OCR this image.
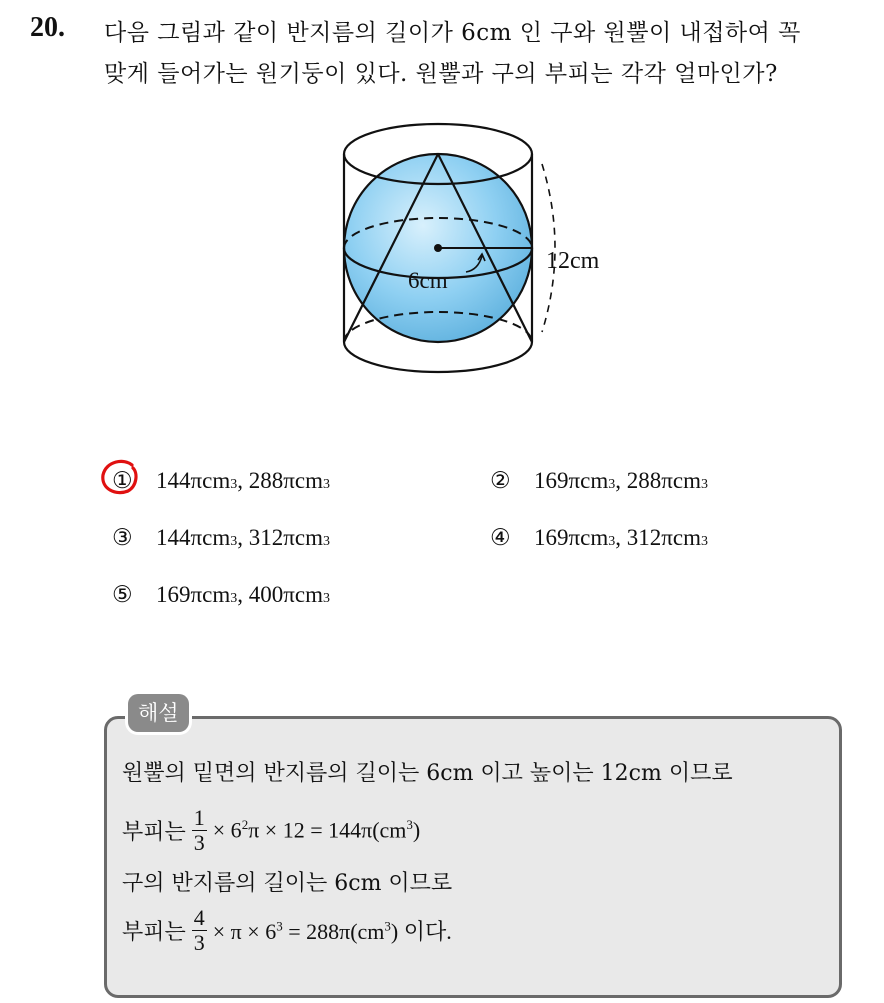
20. 다음 그림과 같이 반지름의 길이가 6cm 인 구와 원뿔이 내접하여 꼭
맞게 들어가는 원기둥이 있다. 원뿔과 구의 부피는 각각 얼마인가?
6cm
12cm
①	144π cm 3 , 288π cm 3	②	169π cm 3 , 288π cm 3
③	144π cm 3 , 312π cm 3	④	169π cm 3 , 312π cm 3
⑤	169π cm 3 , 400π cm 3
해설
원뿔의 밑면의 반지름의 길이는 6cm 이고 높이는 12cm 이므로
부피는 $\frac{1}{3} \times 6^2\pi \times 12 = 144\pi(cm^3)$
구의 반지름의 길이는 6cm 이므로
부피는 $\frac{4}{3} \times \pi \times 6^3 = 288\pi(cm^3)$ 이다.
